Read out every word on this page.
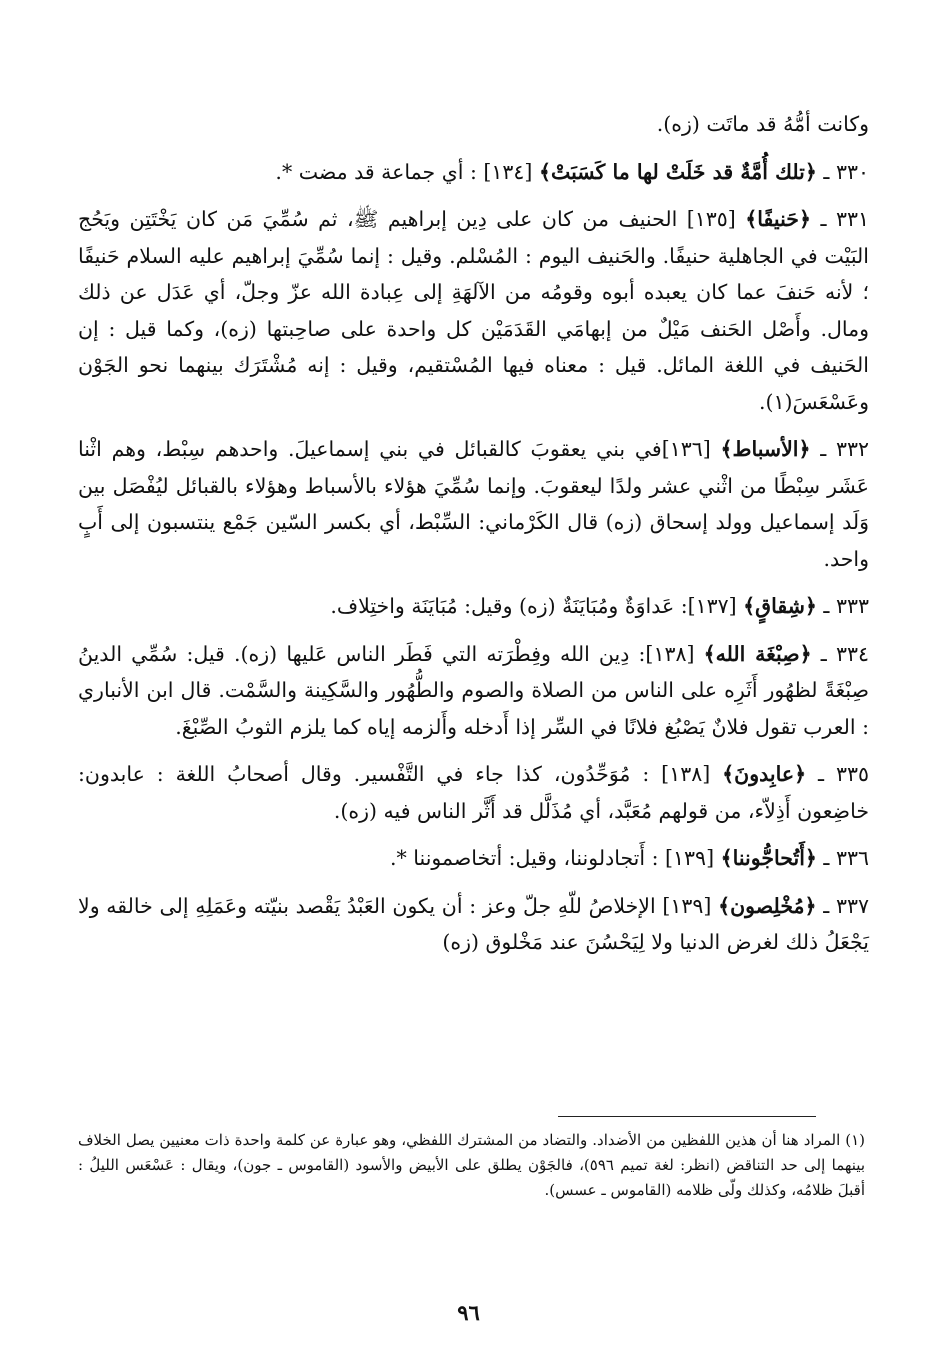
وكانت أمُّهُ قد ماتَت (زه).

٣٣٠ ـ ﴿تلك أُمَّةٌ قد خَلَتْ لها ما كَسَبَتْ﴾ [١٣٤] : أي جماعة قد مضت *.

٣٣١ ـ ﴿حَنيفًا﴾ [١٣٥] الحنيف من كان على دِين إبراهيم ﷺ، ثم سُمِّيَ مَن كان يَخْتَتِن ويَحُج البَيْت في الجاهلية حنيفًا. والحَنيف اليوم : المُسْلم. وقيل : إنما سُمِّيَ إبراهيم عليه السلام حَنيفًا ؛ لأنه حَنفَ عما كان يعبده أبوه وقومُه من الآلهَةِ إلى عِبادة الله عزّ وجلّ، أي عَدَل عن ذلك ومال. وأَصْل الحَنف مَيْلٌ من إبهامَي القَدَمَيْن كل واحدة على صاحِبتها (زه)، وكما قيل : إن الحَنيف في اللغة المائل. قيل : معناه فيها المُسْتقيم، وقيل : إنه مُشْتَرَك بينهما نحو الجَوْن وعَسْعَسَ(١).

٣٣٢ ـ ﴿الأسباط﴾ [١٣٦]في بني يعقوبَ كالقبائل في بني إسماعيلَ. واحدهم سِبْط، وهم اثْنا عَشَر سِبْطًا من اثْني عشر ولدًا ليعقوبَ. وإنما سُمِّيَ هؤلاء بالأسباط وهؤلاء بالقبائل ليُفْصَل بين وَلَد إسماعيل وولد إسحاق (زه) قال الكَرْماني: السِّبْط، أي بكسر السّين جَمْع ينتسبون إلى أَبٍ واحد.

٣٣٣ ـ ﴿شِقاقٍ﴾ [١٣٧]: عَداوَةٌ ومُبَايَنَةٌ (زه) وقيل: مُبَايَنَة واختِلاف.

٣٣٤ ـ ﴿صِبْغَة الله﴾ [١٣٨]: دِين الله وفِطْرَته التي فَطَر الناس عَليها (زه). قيل: سُمِّي الدينُ صِبْغَةً لظهُور أَثَرِه على الناس من الصلاة والصوم والطُّهُور والسَّكِينة والسَّمْت. قال ابن الأنباري : العرب تقول فلانٌ يَصْبُغ فلانًا في السِّر إذا أَدخله وأَلزمه إياه كما يلزم الثوبُ الصِّبْغَ.

٣٣٥ ـ ﴿عابِدونَ﴾ [١٣٨] : مُوَحِّدُون، كذا جاء في التَّفْسير. وقال أصحابُ اللغة : عابدون: خاضِعون أَذِلاّء، من قولهم مُعَبَّد، أي مُذَلَّل قد أَثَّر الناس فيه (زه).

٣٣٦ ـ ﴿أَتُحاجُّوننا﴾ [١٣٩] : أَتجادلوننا، وقيل: أتخاصمو‌ننا *.

٣٣٧ ـ ﴿مُخْلِصون﴾ [١٣٩] الإخلاصُ للّهِ جلّ وعز : أن يكون العَبْدُ يَقْصد بنيّته وعَمَلِهِ إلى خالقه ولا يَجْعَلُ ذلك لغرض الدنيا ولا لِيَحْسُنَ عند مَخْلوق (زه)

(١) المراد هنا أن هذين اللفظين من الأضداد. والتضاد من المشترك اللفظي، وهو عبارة عن كلمة واحدة ذات معنيين يصل الخلاف بينهما إلى حد التناقض (انظر: لغة تميم ٥٩٦)، فالجَوْن يطلق على الأبيض والأسود (القاموس ـ جون)، ويقال : عَسْعَس الليلُ : أقبلَ ظلامُه، وكذلك ولّى ظلامه (القاموس ـ عسس).
٩٦
